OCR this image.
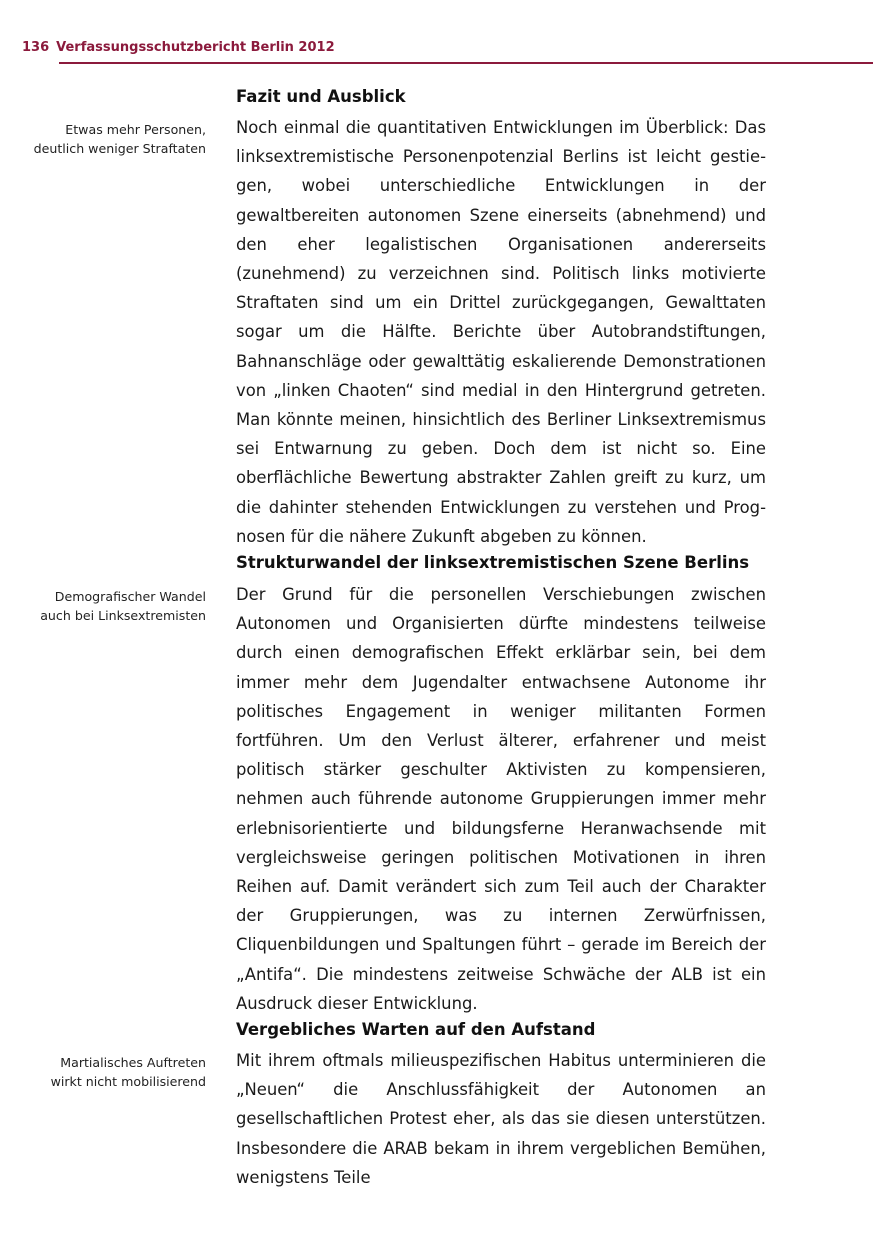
136 Verfassungsschutzbericht Berlin 2012
Fazit und Ausblick

Etwas mehr Personen, deutlich weniger Straftaten

Noch einmal die quantitativen Entwicklungen im Überblick: Das linksextremistische Personenpotenzial Berlins ist leicht gestiegen, wobei unterschiedliche Entwicklungen in der gewaltbereiten autonomen Szene einerseits (abnehmend) und den eher legalistischen Organisationen andererseits (zunehmend) zu verzeichnen sind. Politisch links motivierte Straftaten sind um ein Drittel zurückgegangen, Gewalttaten sogar um die Hälfte. Berichte über Autobrandstiftungen, Bahnanschläge oder gewalttätig eskalierende Demonstrationen von „linken Chaoten“ sind medial in den Hintergrund getreten. Man könnte meinen, hinsichtlich des Berliner Linksextremismus sei Entwarnung zu geben. Doch dem ist nicht so. Eine oberflächliche Bewertung abstrakter Zahlen greift zu kurz, um die dahinter stehenden Entwicklungen zu verstehen und Prognosen für die nähere Zukunft abgeben zu können.

Strukturwandel der linksextremistischen Szene Berlins

Demografischer Wandel auch bei Linksextremisten

Der Grund für die personellen Verschiebungen zwischen Autonomen und Organisierten dürfte mindestens teilweise durch einen demografischen Effekt erklärbar sein, bei dem immer mehr dem Jugendalter entwachsene Autonome ihr politisches Engagement in weniger militanten Formen fortführen. Um den Verlust älterer, erfahrener und meist politisch stärker geschulter Aktivisten zu kompensieren, nehmen auch führende autonome Gruppierungen immer mehr erlebnisorientierte und bildungsferne Heranwachsende mit vergleichsweise geringen politischen Motivationen in ihren Reihen auf. Damit verändert sich zum Teil auch der Charakter der Gruppierungen, was zu internen Zerwürfnissen, Cliquenbildungen und Spaltungen führt – gerade im Bereich der „Antifa“. Die mindestens zeitweise Schwäche der ALB ist ein Ausdruck dieser Entwicklung.

Vergebliches Warten auf den Aufstand

Martialisches Auftreten wirkt nicht mobilisierend

Mit ihrem oftmals milieuspezifischen Habitus unterminieren die „Neuen“ die Anschlussfähigkeit der Autonomen an gesellschaftlichen Protest eher, als das sie diesen unterstützen. Insbesondere die ARAB bekam in ihrem vergeblichen Bemühen, wenigstens Teile
